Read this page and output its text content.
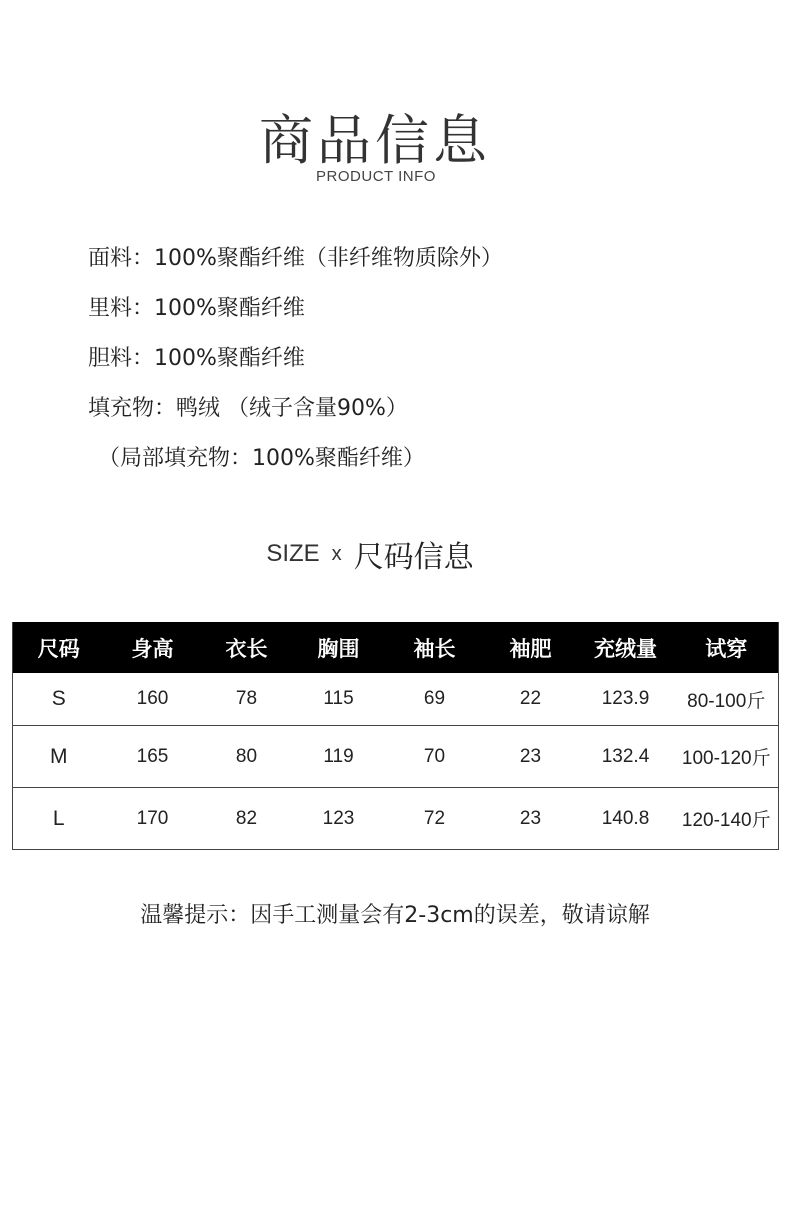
商品信息
PRODUCT INFO
面料：100%聚酯纤维（非纤维物质除外）
里料：100%聚酯纤维
胆料：100%聚酯纤维
填充物：鸭绒 （绒子含量90%）
（局部填充物：100%聚酯纤维）
SIZE x 尺码信息
尺码	身高	衣长	胸围	袖长	袖肥	充绒量	试穿
S	160	78	115	69	22	123.9	80-100斤
M	165	80	119	70	23	132.4	100-120斤
L	170	82	123	72	23	140.8	120-140斤
温馨提示：因手工测量会有2-3cm的误差，敬请谅解
